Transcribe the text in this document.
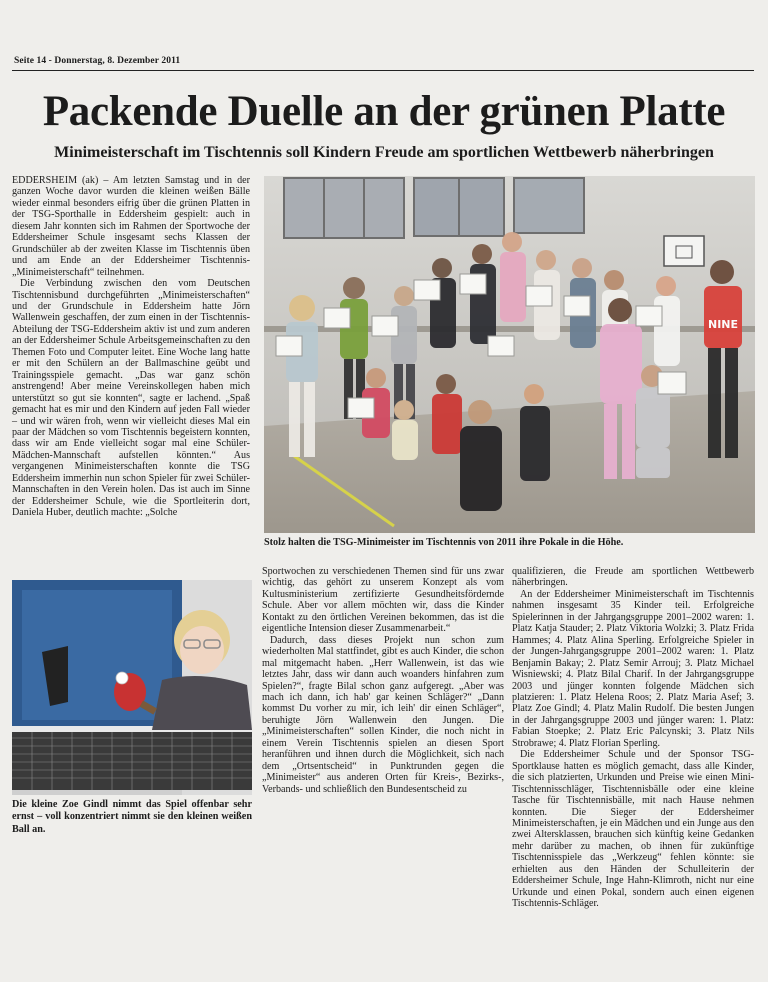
Seite 14 - Donnerstag, 8. Dezember 2011
Packende Duelle an der grünen Platte
Minimeisterschaft im Tischtennis soll Kindern Freude am sportlichen Wettbewerb näherbringen

EDDERSHEIM (ak) – Am letzten Samstag und in der ganzen Woche davor wurden die kleinen weißen Bälle wieder einmal besonders eifrig über die grünen Platten in der TSG-Sporthalle in Eddersheim gespielt: auch in diesem Jahr konnten sich im Rahmen der Sportwoche der Eddersheimer Schule insgesamt sechs Klassen der Grundschüler ab der zweiten Klasse im Tischtennis üben und am Ende an der Eddersheimer Tischtennis-„Minimeisterschaft“ teilnehmen.

Die Verbindung zwischen den vom Deutschen Tischtennisbund durchgeführten „Minimeisterschaften“ und der Grundschule in Eddersheim hatte Jörn Wallenwein geschaffen, der zum einen in der Tischtennis-Abteilung der TSG-Eddersheim aktiv ist und zum anderen an der Eddersheimer Schule Arbeitsgemeinschaften zu den Themen Foto und Computer leitet. Eine Woche lang hatte er mit den Schülern an der Ballmaschine geübt und Trainingsspiele gemacht. „Das war ganz schön anstrengend! Aber meine Vereinskollegen haben mich unterstützt so gut sie konnten“, sagte er lachend. „Spaß gemacht hat es mir und den Kindern auf jeden Fall wieder – und wir wären froh, wenn wir vielleicht dieses Mal ein paar der Mädchen so vom Tischtennis begeistern konnten, dass wir am Ende vielleicht sogar mal eine Schüler-Mädchen-Mannschaft aufstellen könnten.“ Aus vergangenen Minimeisterschaften konnte die TSG Eddersheim immerhin nun schon Spieler für zwei Schüler-Mannschaften in den Verein holen. Das ist auch im Sinne der Eddersheimer Schule, wie die Sportleiterin dort, Daniela Huber, deutlich machte: „Solche

NINE
Stolz halten die TSG-Minimeister im Tischtennis von 2011 ihre Pokale in die Höhe.
Die kleine Zoe Gindl nimmt das Spiel offenbar sehr ernst – voll konzentriert nimmt sie den kleinen weißen Ball an.

Sportwochen zu verschiedenen Themen sind für uns zwar wichtig, das gehört zu unserem Konzept als vom Kultusministerium zertifizierte Gesundheitsfördernde Schule. Aber vor allem möchten wir, dass die Kinder Kontakt zu den örtlichen Vereinen bekommen, das ist die eigentliche Intension dieser Zusammenarbeit.“

Dadurch, dass dieses Projekt nun schon zum wiederholten Mal stattfindet, gibt es auch Kinder, die schon mal mitgemacht haben. „Herr Wallenwein, ist das wie letztes Jahr, dass wir dann auch woanders hinfahren zum Spielen?“, fragte Bilal schon ganz aufgeregt. „Aber was mach ich dann, ich hab' gar keinen Schläger?“ „Dann kommst Du vorher zu mir, ich leih' dir einen Schläger“, beruhigte Jörn Wallenwein den Jungen. Die „Minimeisterschaften“ sollen Kinder, die noch nicht in einem Verein Tischtennis spielen an diesen Sport heranführen und ihnen durch die Möglichkeit, sich nach dem „Ortsentscheid“ in Punktrunden gegen die „Minimeister“ aus anderen Orten für Kreis-, Bezirks-, Verbands- und schließlich den Bundesentscheid zu

qualifizieren, die Freude am sportlichen Wettbewerb näherbringen.

An der Eddersheimer Minimeisterschaft im Tischtennis nahmen insgesamt 35 Kinder teil. Erfolgreiche Spielerinnen in der Jahrgangsgruppe 2001–2002 waren: 1. Platz Katja Stauder; 2. Platz Viktoria Wolzki; 3. Platz Frida Hammes; 4. Platz Alina Sperling. Erfolgreiche Spieler in der Jungen-Jahrgangsgruppe 2001–2002 waren: 1. Platz Benjamin Bakay; 2. Platz Semir Arrouj; 3. Platz Michael Wisniewski; 4. Platz Bilal Charif. In der Jahrgangsgruppe 2003 und jünger konnten folgende Mädchen sich platzieren: 1. Platz Helena Roos; 2. Platz Maria Asef; 3. Platz Zoe Gindl; 4. Platz Malin Rudolf. Die besten Jungen in der Jahrgangsgruppe 2003 und jünger waren: 1. Platz: Fabian Stoepke; 2. Platz Eric Palcynski; 3. Platz Nils Strobrawe; 4. Platz Florian Sperling.

Die Eddersheimer Schule und der Sponsor TSG-Sportklause hatten es möglich gemacht, dass alle Kinder, die sich platzierten, Urkunden und Preise wie einen Mini-Tischtennisschläger, Tischtennisbälle oder eine kleine Tasche für Tischtennisbälle, mit nach Hause nehmen konnten. Die Sieger der Eddersheimer Minimeisterschaften, je ein Mädchen und ein Junge aus den zwei Altersklassen, brauchen sich künftig keine Gedanken mehr darüber zu machen, ob ihnen für zukünftige Tischtennisspiele das „Werkzeug“ fehlen könnte: sie erhielten aus den Händen der Schulleiterin der Eddersheimer Schule, Inge Hahn-Klimroth, nicht nur eine Urkunde und einen Pokal, sondern auch einen eigenen Tischtennis-Schläger.
